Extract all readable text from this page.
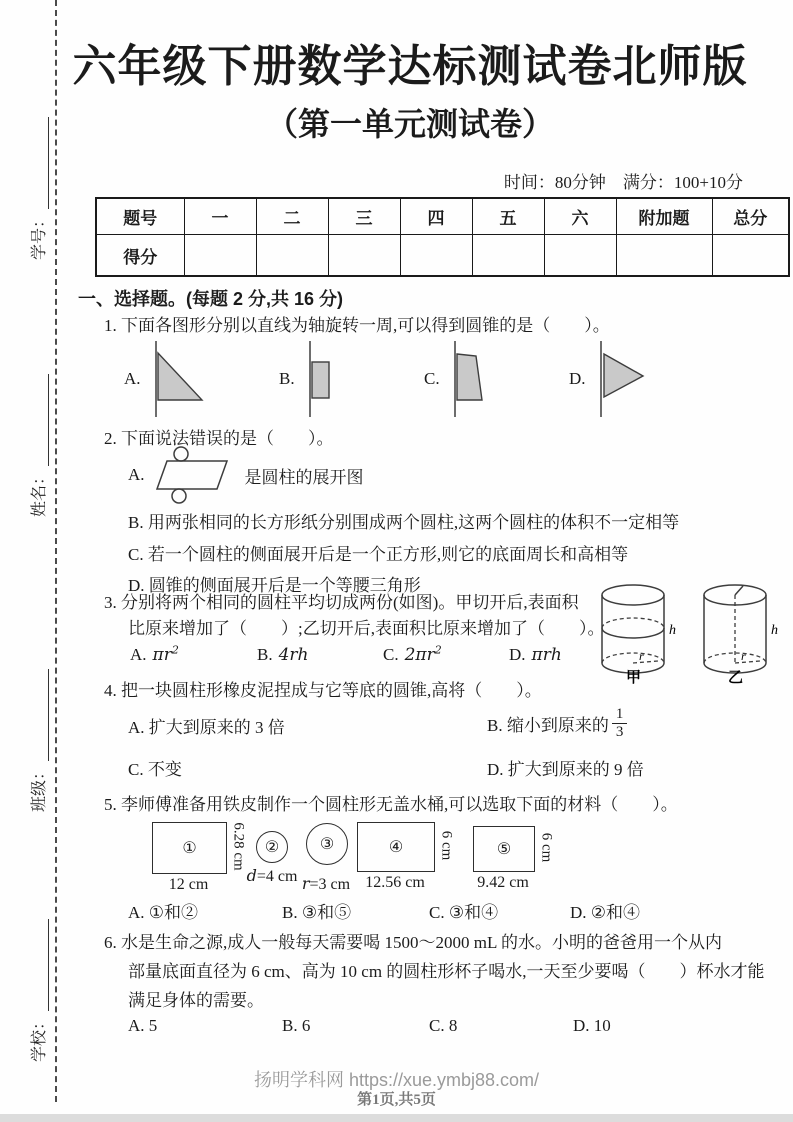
学号：
姓名：
班级：
学校：
六年级下册数学达标测试卷北师版
（第一单元测试卷）
时间：80分钟　满分：100+10分
题号	一	二	三	四	五	六	附加题	总分
得分								
一、选择题。(每题 2 分,共 16 分)
1. 下面各图形分别以直线为轴旋转一周,可以得到圆锥的是（　　）。
A.	B.	C.	D.
2. 下面说法错误的是（　　）。
A.	是圆柱的展开图
B. 用两张相同的长方形纸分别围成两个圆柱,这两个圆柱的体积不一定相等
C. 若一个圆柱的侧面展开后是一个正方形,则它的底面周长和高相等
D. 圆锥的侧面展开后是一个等腰三角形
3. 分别将两个相同的圆柱平均切成两份(如图)。甲切开后,表面积
比原来增加了（　　）;乙切开后,表面积比原来增加了（　　）。
A. $\pi r^2$	B. 4rh	C. $2\pi r^2$	D. πrh	r
h
甲
r
h
乙
4. 把一块圆柱形橡皮泥捏成与它等底的圆锥,高将（　　）。
A. 扩大到原来的 3 倍	B. 缩小到原来的 $\frac{1}{3}$
C. 不变	D. 扩大到原来的 9 倍
5. 李师傅准备用铁皮制作一个圆柱形无盖水桶,可以选取下面的材料（　　）。
① 6.28 cm
12 cm
②
d=4 cm
③
r=3 cm
④ 6 cm
12.56 cm
⑤ 6 cm
9.42 cm
A. ①和②	B. ③和⑤	C. ③和④	D. ②和④
6. 水是生命之源,成人一般每天需要喝 1500～2000 mL 的水。小明的爸爸用一个从内
部量底面直径为 6 cm、高为 10 cm 的圆柱形杯子喝水,一天至少要喝（　　）杯水才能
满足身体的需要。
A. 5	B. 6	C. 8	D. 10
扬明学科网 https://xue.ymbj88.com/
第1页,共5页
